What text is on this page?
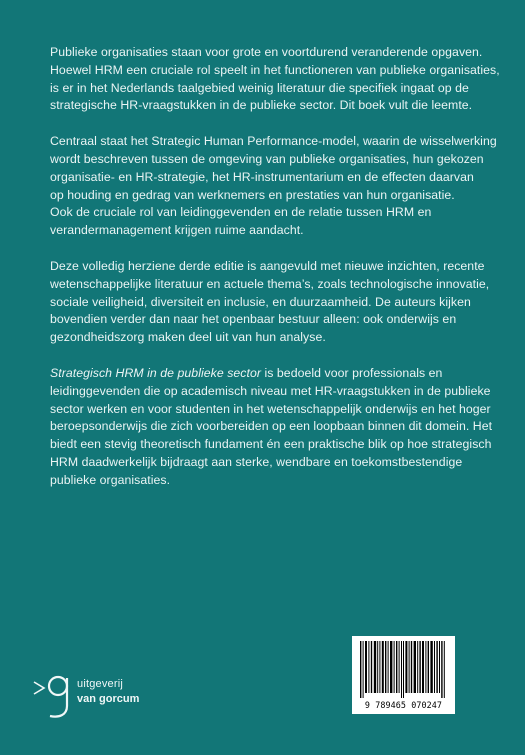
Publieke organisaties staan voor grote en voortdurend veranderende opgaven.
Hoewel HRM een cruciale rol speelt in het functioneren van publieke organisaties,
is er in het Nederlands taalgebied weinig literatuur die specifiek ingaat op de
strategische HR-vraagstukken in de publieke sector. Dit boek vult die leemte.

Centraal staat het Strategic Human Performance-model, waarin de wisselwerking
wordt beschreven tussen de omgeving van publieke organisaties, hun gekozen
organisatie- en HR-strategie, het HR-instrumentarium en de effecten daarvan
op houding en gedrag van werknemers en prestaties van hun organisatie.
Ook de cruciale rol van leidinggevenden en de relatie tussen HRM en
verandermanagement krijgen ruime aandacht.

Deze volledig herziene derde editie is aangevuld met nieuwe inzichten, recente
wetenschappelijke literatuur en actuele thema’s, zoals technologische innovatie,
sociale veiligheid, diversiteit en inclusie, en duurzaamheid. De auteurs kijken
bovendien verder dan naar het openbaar bestuur alleen: ook onderwijs en
gezondheidszorg maken deel uit van hun analyse.

Strategisch HRM in de publieke sector is bedoeld voor professionals en
leidinggevenden die op academisch niveau met HR-vraagstukken in de publieke
sector werken en voor studenten in het wetenschappelijk onderwijs en het hoger
beroepsonderwijs die zich voorbereiden op een loopbaan binnen dit domein. Het
biedt een stevig theoretisch fundament én een praktische blik op hoe strategisch
HRM daadwerkelijk bijdraagt aan sterke, wendbare en toekomstbestendige
publieke organisaties.

uitgeverij
van gorcum	9 789465 070247
